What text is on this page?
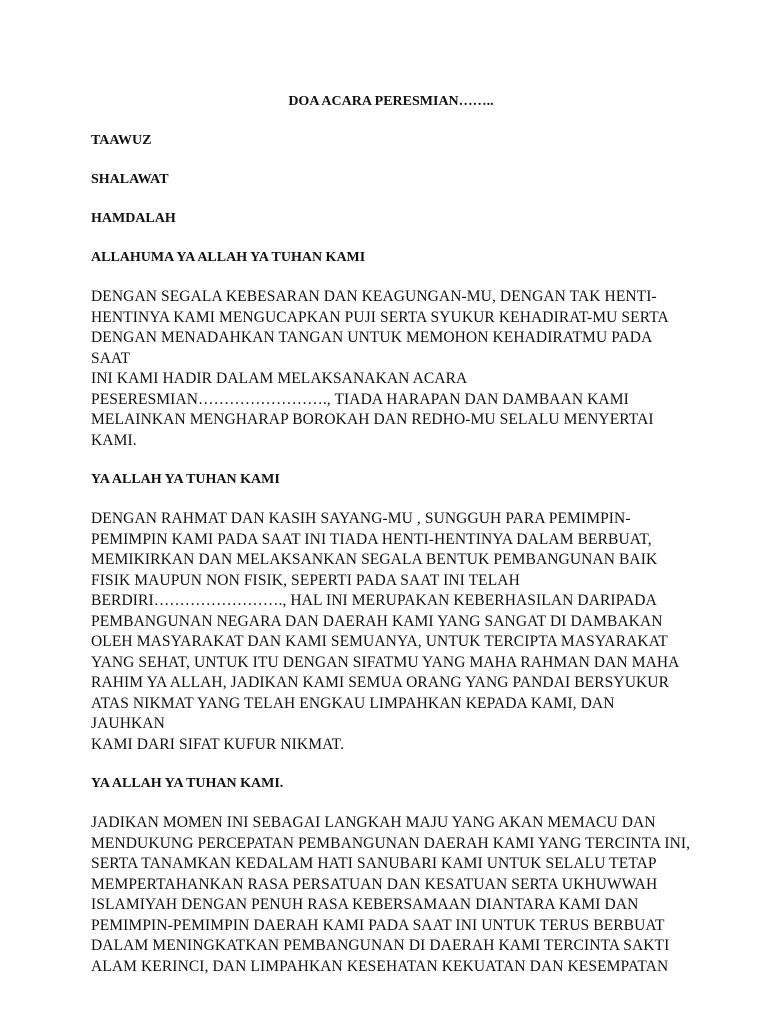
DOA ACARA PERESMIAN……..
TAAWUZ
SHALAWAT
HAMDALAH
ALLAHUMA YA ALLAH YA TUHAN KAMI
DENGAN SEGALA KEBESARAN DAN KEAGUNGAN-MU, DENGAN TAK HENTI-
HENTINYA KAMI MENGUCAPKAN PUJI SERTA SYUKUR KEHADIRAT-MU SERTA
DENGAN MENADAHKAN TANGAN UNTUK MEMOHON KEHADIRATMU PADA SAAT
INI KAMI HADIR DALAM MELAKSANAKAN ACARA
PESERESMIAN……………………., TIADA HARAPAN DAN DAMBAAN KAMI
MELAINKAN MENGHARAP BOROKAH DAN REDHO-MU SELALU MENYERTAI
KAMI.
YA ALLAH YA TUHAN KAMI
DENGAN RAHMAT DAN KASIH SAYANG-MU , SUNGGUH PARA PEMIMPIN-
PEMIMPIN KAMI PADA SAAT INI TIADA HENTI-HENTINYA DALAM BERBUAT,
MEMIKIRKAN DAN MELAKSANKAN SEGALA BENTUK PEMBANGUNAN BAIK
FISIK MAUPUN NON FISIK, SEPERTI PADA SAAT INI TELAH
BERDIRI……………………., HAL INI MERUPAKAN KEBERHASILAN DARIPADA
PEMBANGUNAN NEGARA DAN DAERAH KAMI YANG SANGAT DI DAMBAKAN
OLEH MASYARAKAT DAN KAMI SEMUANYA, UNTUK TERCIPTA MASYARAKAT
YANG SEHAT, UNTUK ITU DENGAN SIFATMU YANG MAHA RAHMAN DAN MAHA
RAHIM YA ALLAH, JADIKAN KAMI SEMUA ORANG YANG PANDAI BERSYUKUR
ATAS NIKMAT YANG TELAH ENGKAU LIMPAHKAN KEPADA KAMI, DAN JAUHKAN
KAMI DARI SIFAT KUFUR NIKMAT.
YA ALLAH YA TUHAN KAMI.
JADIKAN MOMEN INI SEBAGAI LANGKAH MAJU YANG AKAN MEMACU DAN
MENDUKUNG PERCEPATAN PEMBANGUNAN DAERAH KAMI YANG TERCINTA INI,
SERTA TANAMKAN KEDALAM HATI SANUBARI KAMI UNTUK SELALU TETAP
MEMPERTAHANKAN RASA PERSATUAN DAN KESATUAN SERTA UKHUWWAH
ISLAMIYAH DENGAN PENUH RASA KEBERSAMAAN DIANTARA KAMI DAN
PEMIMPIN-PEMIMPIN DAERAH KAMI PADA SAAT INI UNTUK TERUS BERBUAT
DALAM MENINGKATKAN PEMBANGUNAN DI DAERAH KAMI TERCINTA SAKTI
ALAM KERINCI, DAN LIMPAHKAN KESEHATAN KEKUATAN DAN KESEMPATAN
